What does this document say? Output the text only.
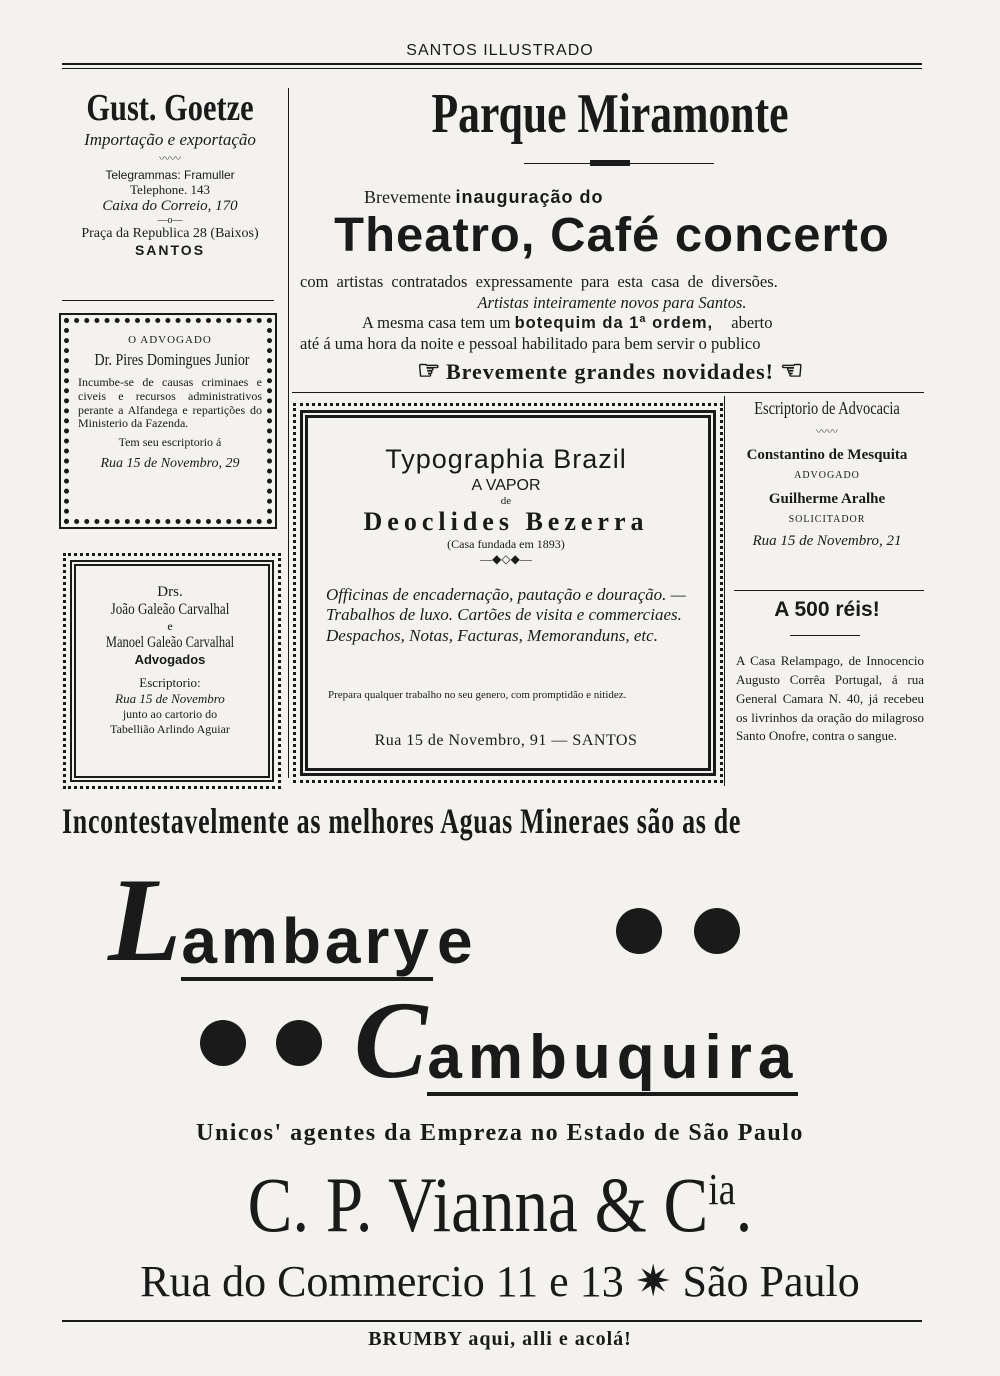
SANTOS ILLUSTRADO
Gust. Goetze
Importação e exportação
〰〰
Telegrammas: Framuller
Telephone. 143
Caixa do Correio, 170
—o—
Praça da Republica 28 (Baixos)
SANTOS
O ADVOGADO
Dr. Pires Domingues Junior
Incumbe-se de causas criminaes e civeis e recursos administrativos perante a Alfandega e repartições do Ministerio da Fazenda.
Tem seu escriptorio á
Rua 15 de Novembro, 29
Drs.
João Galeão Carvalhal
e
Manoel Galeão Carvalhal
Advogados
Escriptorio:
Rua 15 de Novembro
junto ao cartorio do
Tabellião Arlindo Aguiar
Parque Miramonte
Brevemente inauguração do
Theatro, Café concerto
com artistas contratados expressamente para esta casa de diversões.
Artistas inteiramente novos para Santos.
A mesma casa tem um botequim da 1ª ordem, aberto
até á uma hora da noite e pessoal habilitado para bem servir o publico
☞ Brevemente grandes novidades! ☞
Typographia Brazil
A VAPOR
de
Deoclides Bezerra
(Casa fundada em 1893)
—◆◇◆—
Officinas de encadernação, pautação e douração. — Trabalhos de luxo. Cartões de visita e commerciaes. Despachos, Notas, Facturas, Memoranduns, etc.
Prepara qualquer trabalho no seu genero, com promptidão e nitidez.
Rua 15 de Novembro, 91 — SANTOS
Escriptorio de Advocacia
〰〰
Constantino de Mesquita
ADVOGADO
Guilherme Aralhe
SOLICITADOR
Rua 15 de Novembro, 21
A 500 réis!
A Casa Relampago, de Innocencio Augusto Corrêa Portugal, á rua General Camara N. 40, já recebeu os livrinhos da oração do milagroso Santo Onofre, contra o sangue.
Incontestavelmente as melhores Aguas Mineraes são as de
Lambary e
Cambuquira
Unicos' agentes da Empreza no Estado de São Paulo
C. P. Vianna & $C^{ia}$.
Rua do Commercio 11 e 13 ✷ São Paulo
BRUMBY aqui, alli e acolá!
